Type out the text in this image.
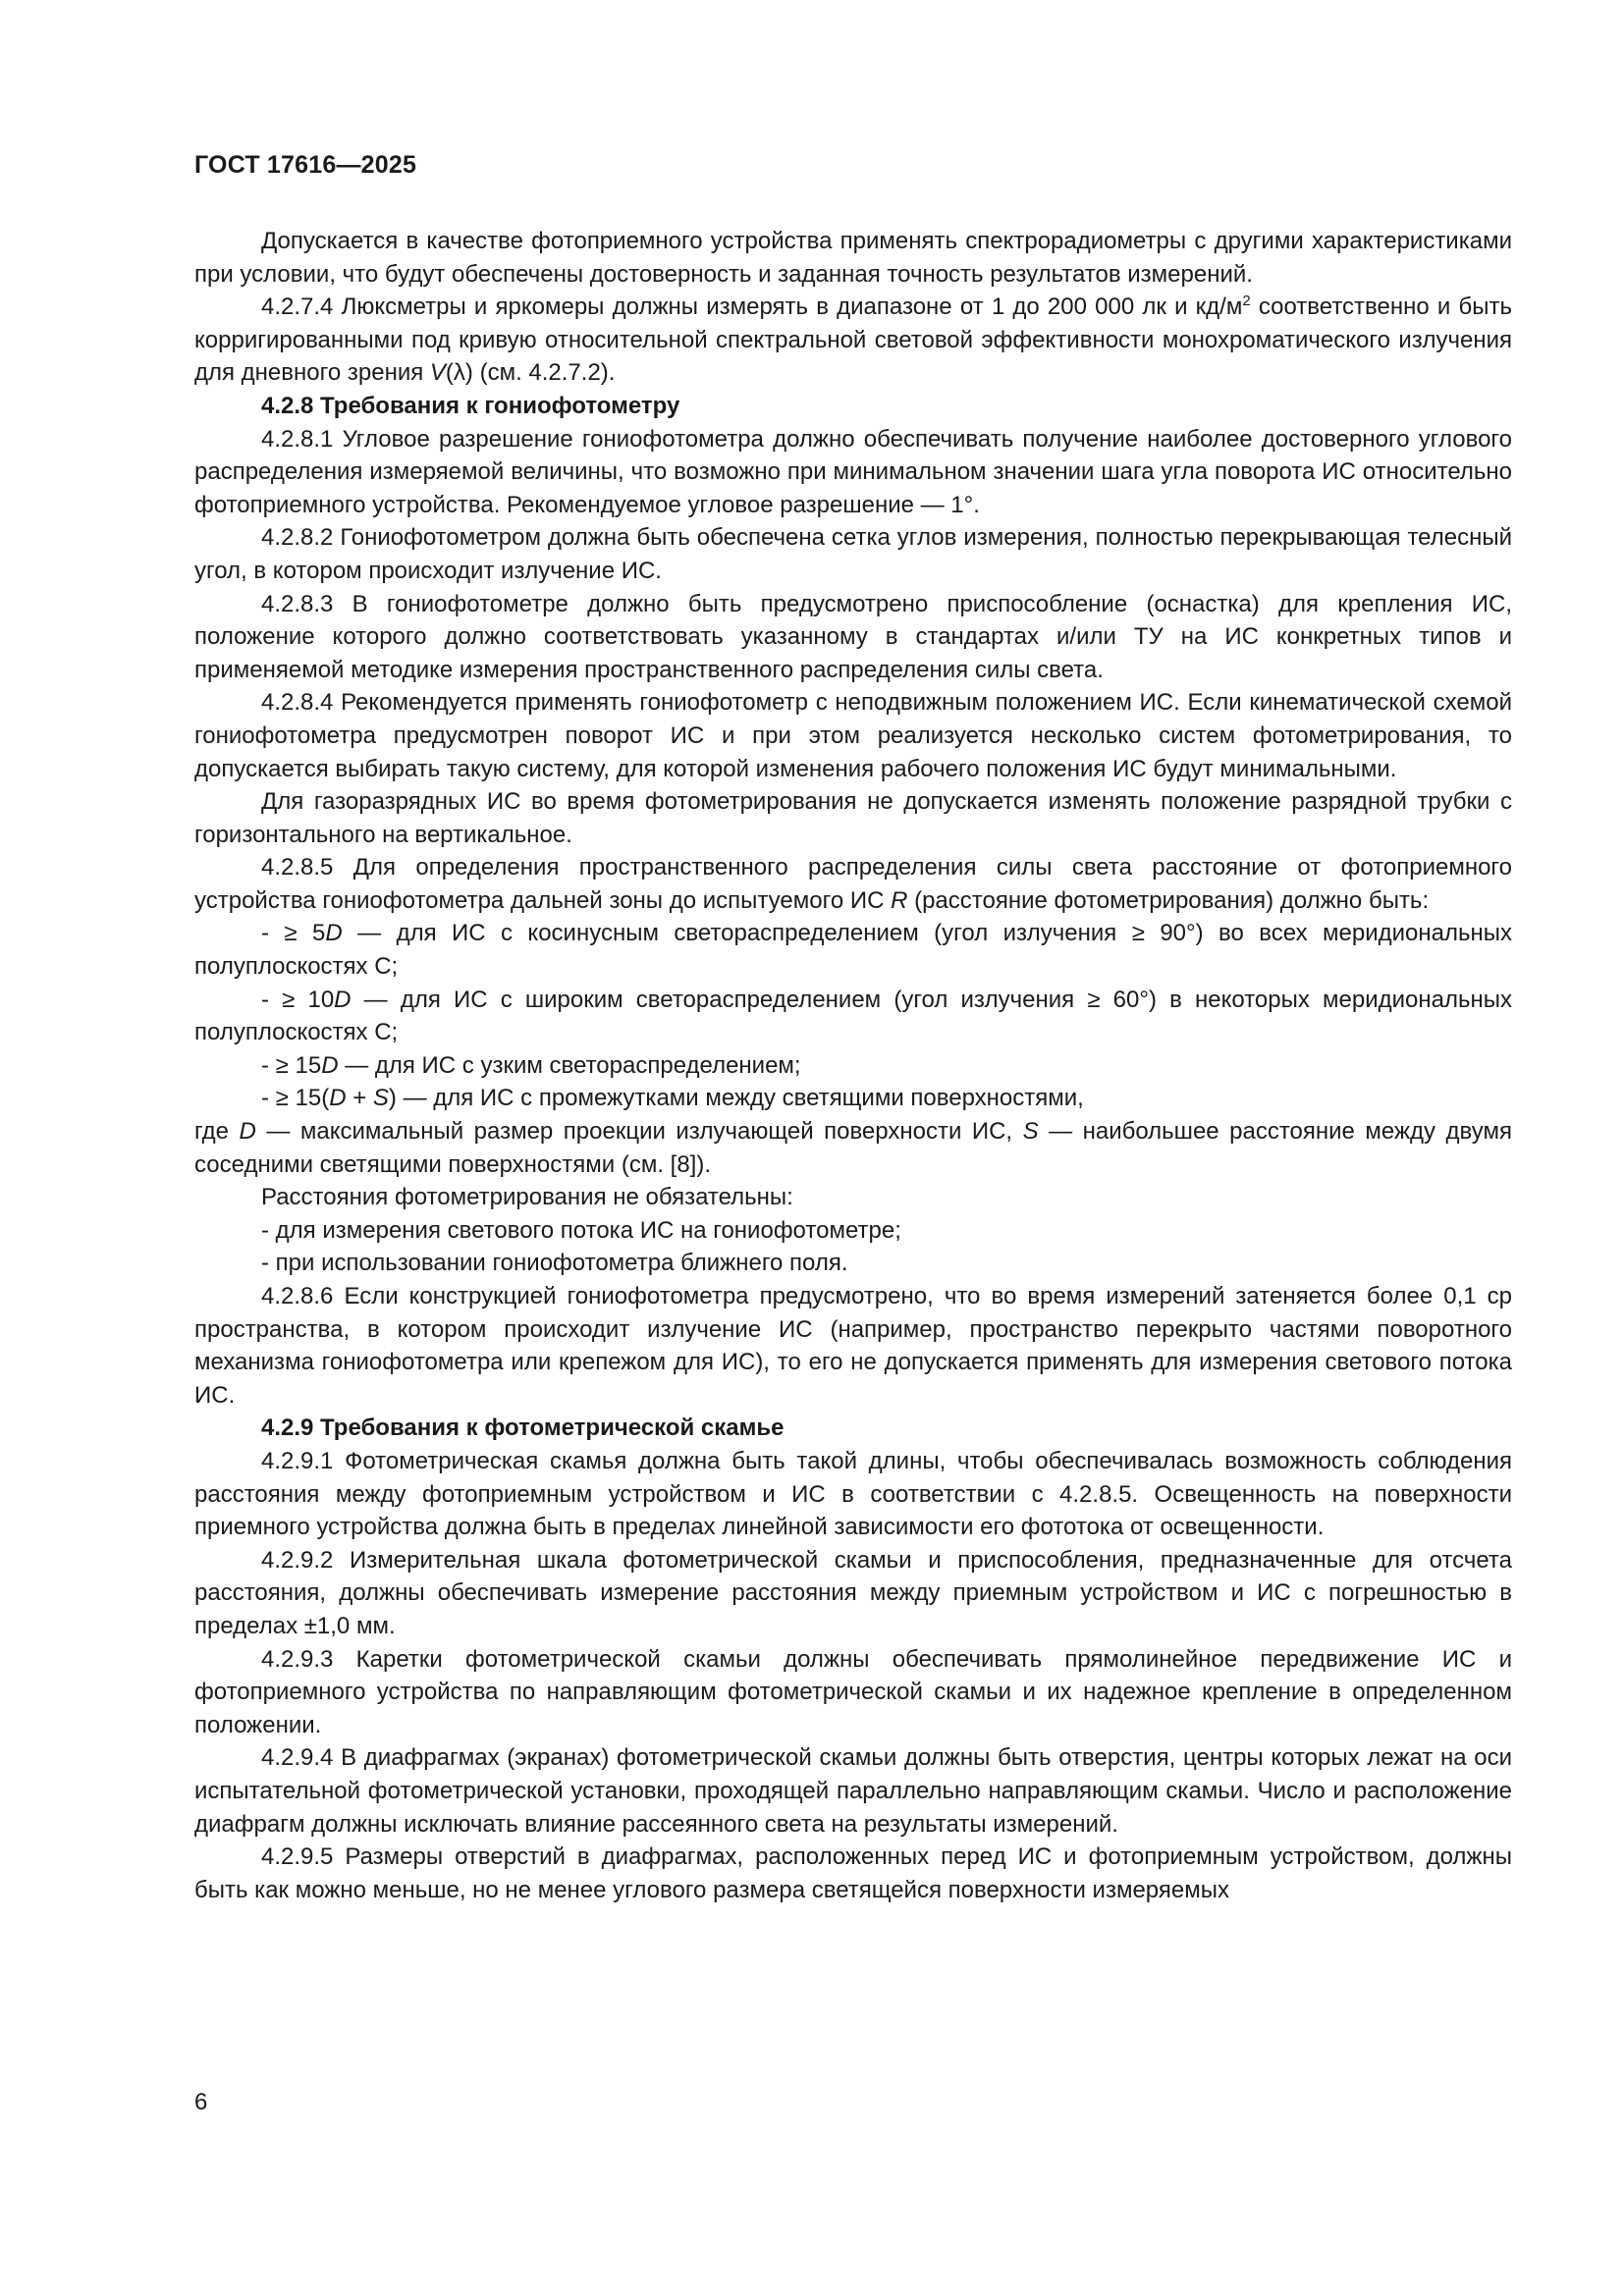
ГОСТ 17616—2025

Допускается в качестве фотоприемного устройства применять спектрорадиометры с другими характеристиками при условии, что будут обеспечены достоверность и заданная точность результатов измерений.

4.2.7.4 Люксметры и яркомеры должны измерять в диапазоне от 1 до 200 000 лк и $кд/м^2$ соответственно и быть корригированными под кривую относительной спектральной световой эффективности монохроматического излучения для дневного зрения V(λ) (см. 4.2.7.2).

4.2.8 Требования к гониофотометру

4.2.8.1 Угловое разрешение гониофотометра должно обеспечивать получение наиболее достоверного углового распределения измеряемой величины, что возможно при минимальном значении шага угла поворота ИС относительно фотоприемного устройства. Рекомендуемое угловое разрешение — 1°.

4.2.8.2 Гониофотометром должна быть обеспечена сетка углов измерения, полностью перекрывающая телесный угол, в котором происходит излучение ИС.

4.2.8.3 В гониофотометре должно быть предусмотрено приспособление (оснастка) для крепления ИС, положение которого должно соответствовать указанному в стандартах и/или ТУ на ИС конкретных типов и применяемой методике измерения пространственного распределения силы света.

4.2.8.4 Рекомендуется применять гониофотометр с неподвижным положением ИС. Если кинематической схемой гониофотометра предусмотрен поворот ИС и при этом реализуется несколько систем фотометрирования, то допускается выбирать такую систему, для которой изменения рабочего положения ИС будут минимальными.

Для газоразрядных ИС во время фотометрирования не допускается изменять положение разрядной трубки с горизонтального на вертикальное.

4.2.8.5 Для определения пространственного распределения силы света расстояние от фотоприемного устройства гониофотометра дальней зоны до испытуемого ИС R (расстояние фотометрирования) должно быть:

- ≥ 5D — для ИС с косинусным светораспределением (угол излучения ≥ 90°) во всех меридиональных полуплоскостях С;

- ≥ 10D — для ИС с широким светораспределением (угол излучения ≥ 60°) в некоторых меридиональных полуплоскостях С;

- ≥ 15D — для ИС с узким светораспределением;

- ≥ 15(D + S) — для ИС с промежутками между светящими поверхностями,

где D — максимальный размер проекции излучающей поверхности ИС, S — наибольшее расстояние между двумя соседними светящими поверхностями (см. [8]).

Расстояния фотометрирования не обязательны:

- для измерения светового потока ИС на гониофотометре;

- при использовании гониофотометра ближнего поля.

4.2.8.6 Если конструкцией гониофотометра предусмотрено, что во время измерений затеняется более 0,1 ср пространства, в котором происходит излучение ИС (например, пространство перекрыто частями поворотного механизма гониофотометра или крепежом для ИС), то его не допускается применять для измерения светового потока ИС.

4.2.9 Требования к фотометрической скамье

4.2.9.1 Фотометрическая скамья должна быть такой длины, чтобы обеспечивалась возможность соблюдения расстояния между фотоприемным устройством и ИС в соответствии с 4.2.8.5. Освещенность на поверхности приемного устройства должна быть в пределах линейной зависимости его фототока от освещенности.

4.2.9.2 Измерительная шкала фотометрической скамьи и приспособления, предназначенные для отсчета расстояния, должны обеспечивать измерение расстояния между приемным устройством и ИС с погрешностью в пределах ±1,0 мм.

4.2.9.3 Каретки фотометрической скамьи должны обеспечивать прямолинейное передвижение ИС и фотоприемного устройства по направляющим фотометрической скамьи и их надежное крепление в определенном положении.

4.2.9.4 В диафрагмах (экранах) фотометрической скамьи должны быть отверстия, центры которых лежат на оси испытательной фотометрической установки, проходящей параллельно направляющим скамьи. Число и расположение диафрагм должны исключать влияние рассеянного света на результаты измерений.

4.2.9.5 Размеры отверстий в диафрагмах, расположенных перед ИС и фотоприемным устройством, должны быть как можно меньше, но не менее углового размера светящейся поверхности измеряемых

6
